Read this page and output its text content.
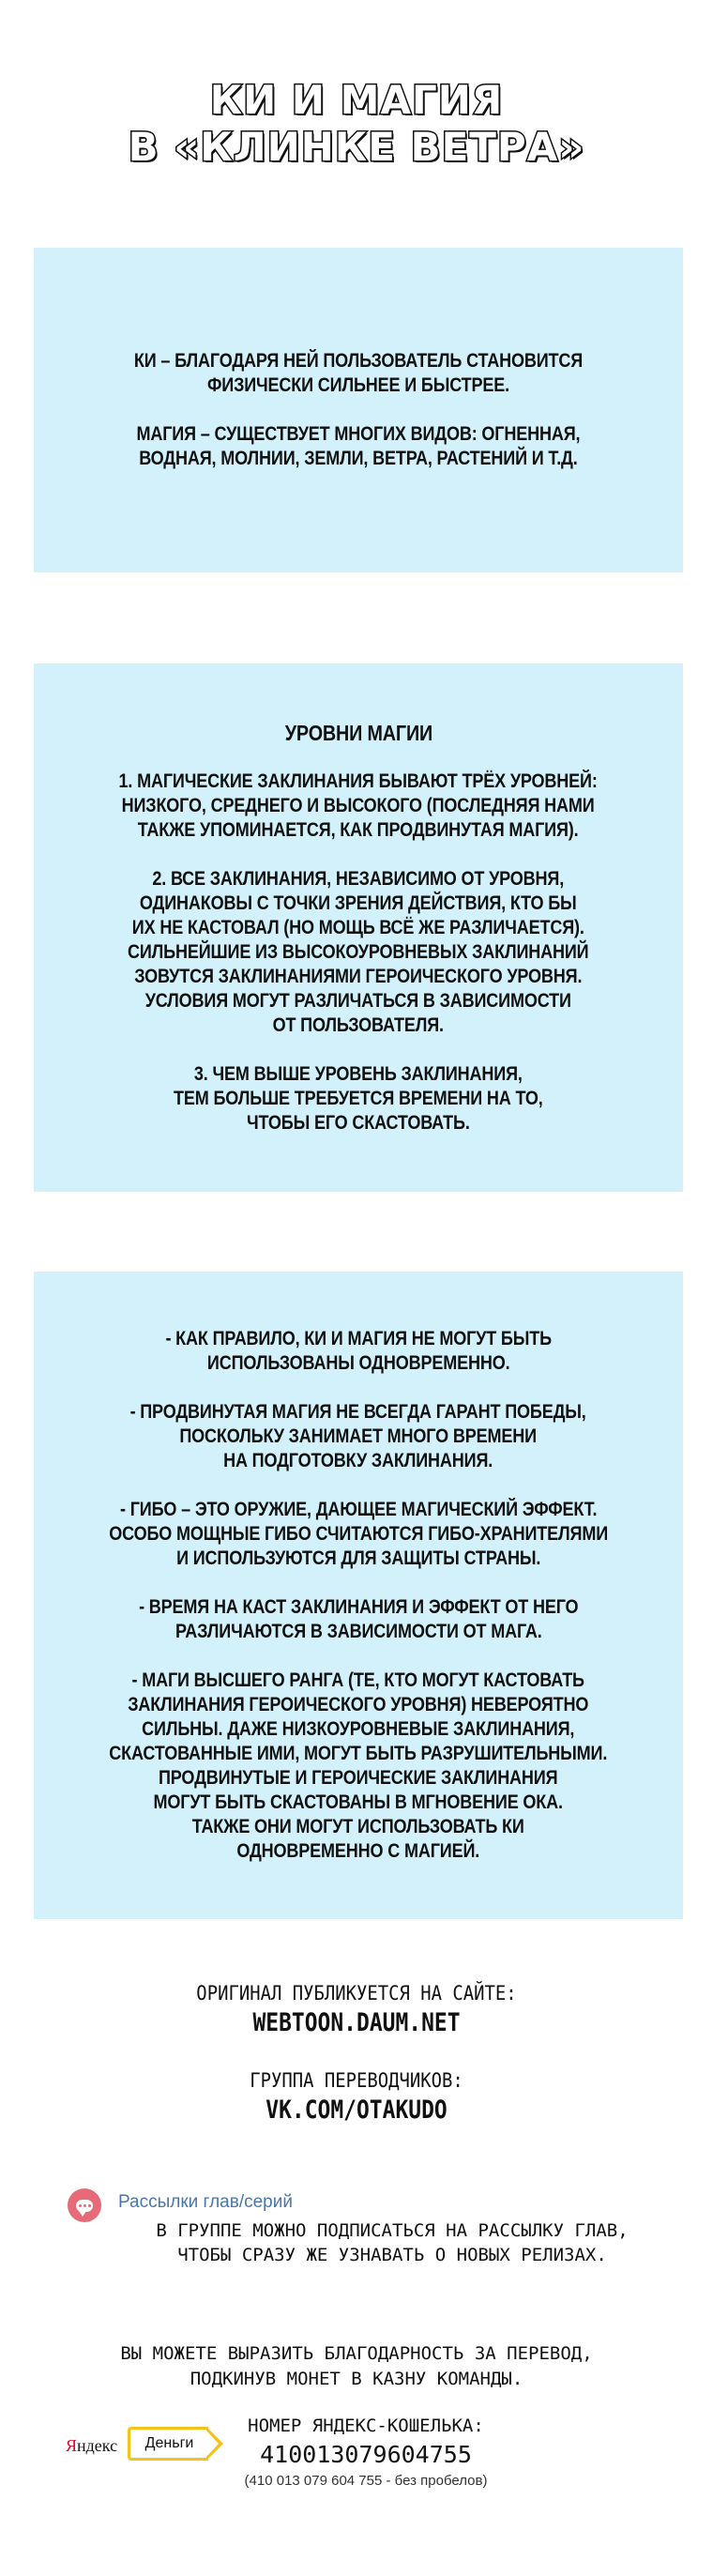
КИ И МАГИЯ
В «КЛИНКЕ ВЕТРА»

КИ – БЛАГОДАРЯ НЕЙ ПОЛЬЗОВАТЕЛЬ СТАНОВИТСЯ
ФИЗИЧЕСКИ СИЛЬНЕЕ И БЫСТРЕЕ.

МАГИЯ – СУЩЕСТВУЕТ МНОГИХ ВИДОВ: ОГНЕННАЯ,
ВОДНАЯ, МОЛНИИ, ЗЕМЛИ, ВЕТРА, РАСТЕНИЙ И Т.Д.

УРОВНИ МАГИИ

1. МАГИЧЕСКИЕ ЗАКЛИНАНИЯ БЫВАЮТ ТРЁХ УРОВНЕЙ:
НИЗКОГО, СРЕДНЕГО И ВЫСОКОГО (ПОСЛЕДНЯЯ НАМИ
ТАКЖЕ УПОМИНАЕТСЯ, КАК ПРОДВИНУТАЯ МАГИЯ).

2. ВСЕ ЗАКЛИНАНИЯ, НЕЗАВИСИМО ОТ УРОВНЯ,
ОДИНАКОВЫ С ТОЧКИ ЗРЕНИЯ ДЕЙСТВИЯ, КТО БЫ
ИХ НЕ КАСТОВАЛ (НО МОЩЬ ВСЁ ЖЕ РАЗЛИЧАЕТСЯ).
СИЛЬНЕЙШИЕ ИЗ ВЫСОКОУРОВНЕВЫХ ЗАКЛИНАНИЙ
ЗОВУТСЯ ЗАКЛИНАНИЯМИ ГЕРОИЧЕСКОГО УРОВНЯ.
УСЛОВИЯ МОГУТ РАЗЛИЧАТЬСЯ В ЗАВИСИМОСТИ
ОТ ПОЛЬЗОВАТЕЛЯ.

3. ЧЕМ ВЫШЕ УРОВЕНЬ ЗАКЛИНАНИЯ,
ТЕМ БОЛЬШЕ ТРЕБУЕТСЯ ВРЕМЕНИ НА ТО,
ЧТОБЫ ЕГО СКАСТОВАТЬ.

- КАК ПРАВИЛО, КИ И МАГИЯ НЕ МОГУТ БЫТЬ
ИСПОЛЬЗОВАНЫ ОДНОВРЕМЕННО.

- ПРОДВИНУТАЯ МАГИЯ НЕ ВСЕГДА ГАРАНТ ПОБЕДЫ,
ПОСКОЛЬКУ ЗАНИМАЕТ МНОГО ВРЕМЕНИ
НА ПОДГОТОВКУ ЗАКЛИНАНИЯ.

- ГИБО – ЭТО ОРУЖИЕ, ДАЮЩЕЕ МАГИЧЕСКИЙ ЭФФЕКТ.
ОСОБО МОЩНЫЕ ГИБО СЧИТАЮТСЯ ГИБО-ХРАНИТЕЛЯМИ
И ИСПОЛЬЗУЮТСЯ ДЛЯ ЗАЩИТЫ СТРАНЫ.

- ВРЕМЯ НА КАСТ ЗАКЛИНАНИЯ И ЭФФЕКТ ОТ НЕГО
РАЗЛИЧАЮТСЯ В ЗАВИСИМОСТИ ОТ МАГА.

- МАГИ ВЫСШЕГО РАНГА (ТЕ, КТО МОГУТ КАСТОВАТЬ
ЗАКЛИНАНИЯ ГЕРОИЧЕСКОГО УРОВНЯ) НЕВЕРОЯТНО
СИЛЬНЫ. ДАЖЕ НИЗКОУРОВНЕВЫЕ ЗАКЛИНАНИЯ,
СКАСТОВАННЫЕ ИМИ, МОГУТ БЫТЬ РАЗРУШИТЕЛЬНЫМИ.
ПРОДВИНУТЫЕ И ГЕРОИЧЕСКИЕ ЗАКЛИНАНИЯ
МОГУТ БЫТЬ СКАСТОВАНЫ В МГНОВЕНИЕ ОКА.
ТАКЖЕ ОНИ МОГУТ ИСПОЛЬЗОВАТЬ КИ
ОДНОВРЕМЕННО С МАГИЕЙ.

ОРИГИНАЛ ПУБЛИКУЕТСЯ НА САЙТЕ:
WEBTOON.DAUM.NET
ГРУППА ПЕРЕВОДЧИКОВ:
VK.COM/OTAKUDO
Рассылки глав/серий
В ГРУППЕ МОЖНО ПОДПИСАТЬСЯ НА РАССЫЛКУ ГЛАВ,
ЧТОБЫ СРАЗУ ЖЕ УЗНАВАТЬ О НОВЫХ РЕЛИЗАХ.
ВЫ МОЖЕТЕ ВЫРАЗИТЬ БЛАГОДАРНОСТЬ ЗА ПЕРЕВОД,
ПОДКИНУВ МОНЕТ В КАЗНУ КОМАНДЫ.
Яндекс	Деньги
НОМЕР ЯНДЕКС-КОШЕЛЬКА:
410013079604755
(410 013 079 604 755 - без пробелов)
